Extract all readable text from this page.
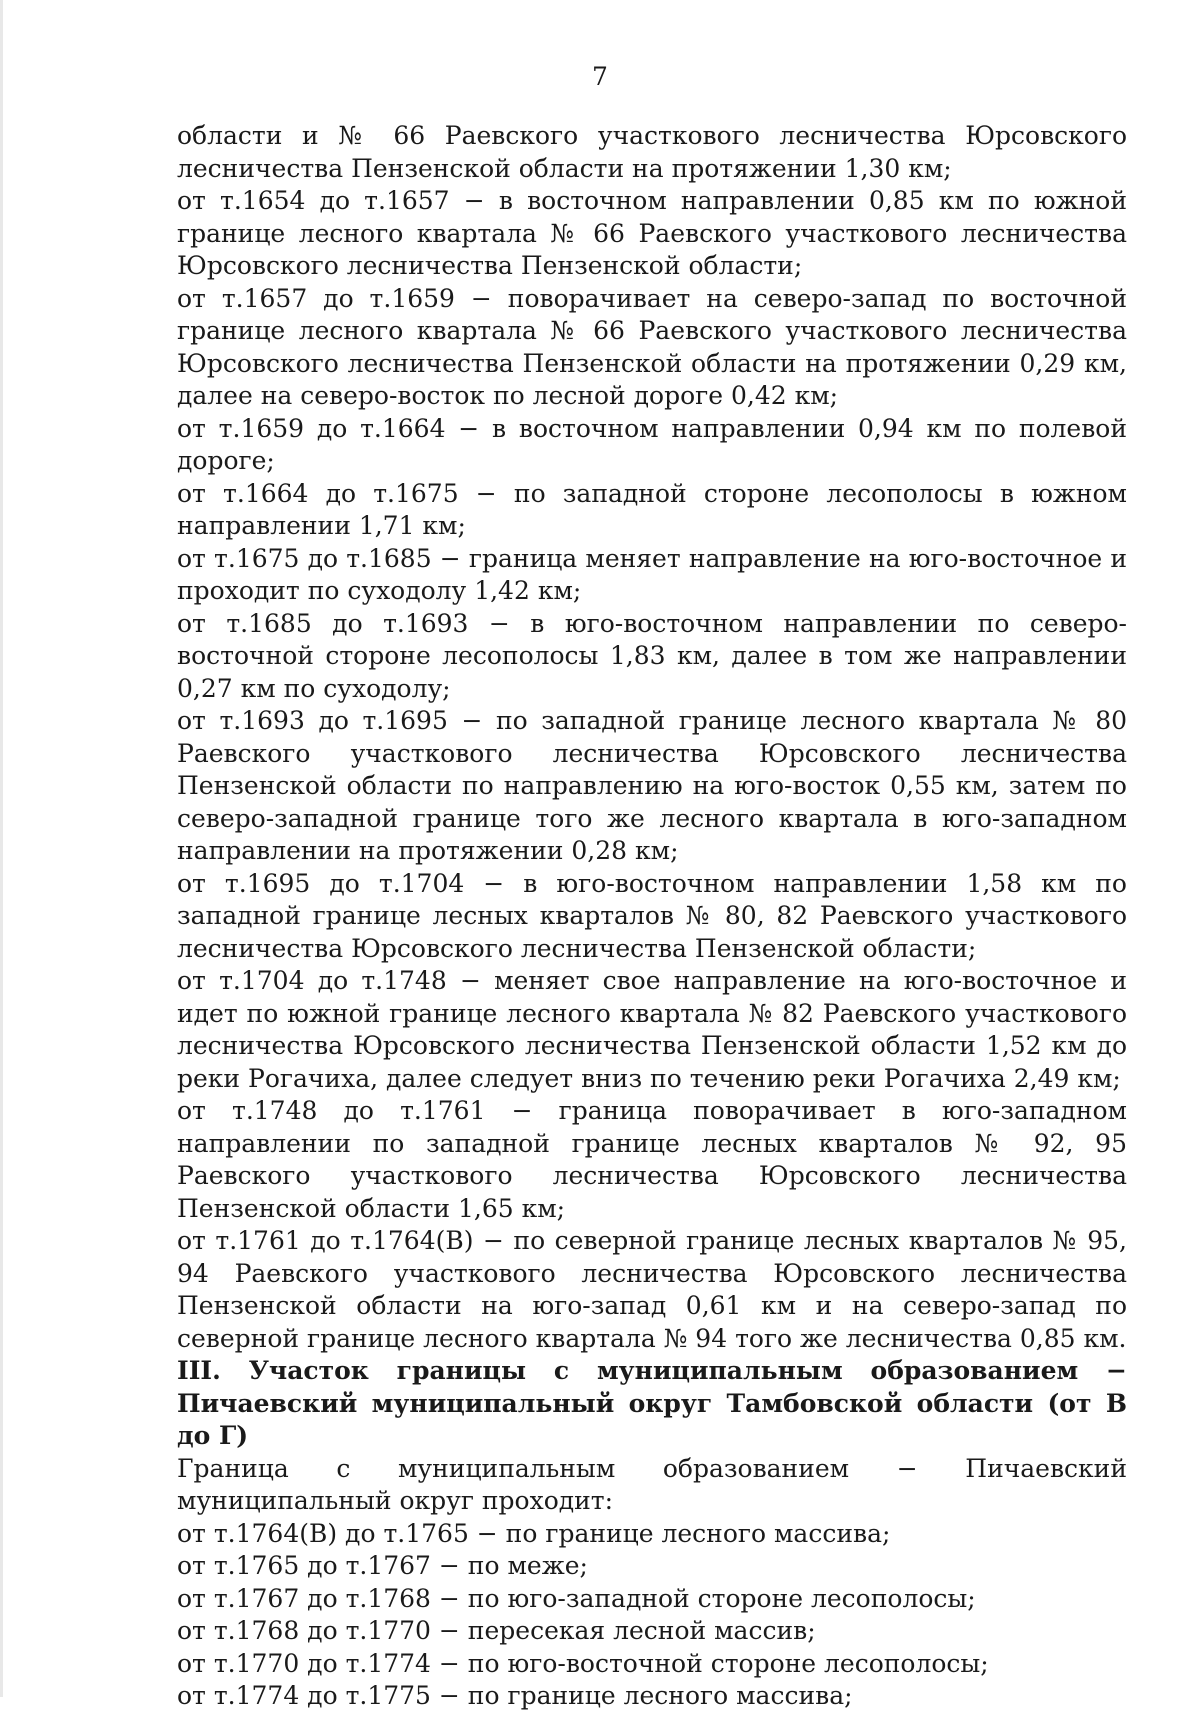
7

области и № 66 Раевского участкового лесничества Юрсовского лесничества Пензенской области на протяжении 1,30 км;

от т.1654 до т.1657 − в восточном направлении 0,85 км по южной границе лесного квартала № 66 Раевского участкового лесничества Юрсовского лесничества Пензенской области;

от т.1657 до т.1659 − поворачивает на северо-запад по восточной границе лесного квартала № 66 Раевского участкового лесничества Юрсовского лесничества Пензенской области на протяжении 0,29 км, далее на северо-восток по лесной дороге 0,42 км;

от т.1659 до т.1664 − в восточном направлении 0,94 км по полевой дороге;

от т.1664 до т.1675 − по западной стороне лесополосы в южном направлении 1,71 км;

от т.1675 до т.1685 − граница меняет направление на юго-восточное и проходит по суходолу 1,42 км;

от т.1685 до т.1693 − в юго-восточном направлении по северо-восточной стороне лесополосы 1,83 км, далее в том же направлении 0,27 км по суходолу;

от т.1693 до т.1695 − по западной границе лесного квартала № 80 Раевского участкового лесничества Юрсовского лесничества Пензенской области по направлению на юго-восток 0,55 км, затем по северо-западной границе того же лесного квартала в юго-западном направлении на протяжении 0,28 км;

от т.1695 до т.1704 − в юго-восточном направлении 1,58 км по западной границе лесных кварталов № 80, 82 Раевского участкового лесничества Юрсовского лесничества Пензенской области;

от т.1704 до т.1748 − меняет свое направление на юго-восточное и идет по южной границе лесного квартала № 82 Раевского участкового лесничества Юрсовского лесничества Пензенской области 1,52 км до реки Рогачиха, далее следует вниз по течению реки Рогачиха 2,49 км;

от т.1748 до т.1761 − граница поворачивает в юго-западном направлении по западной границе лесных кварталов № 92, 95 Раевского участкового лесничества Юрсовского лесничества Пензенской области 1,65 км;

от т.1761 до т.1764(В) − по северной границе лесных кварталов № 95, 94 Раевского участкового лесничества Юрсовского лесничества Пензенской области на юго-запад 0,61 км и на северо-запад по северной границе лесного квартала № 94 того же лесничества 0,85 км.

III. Участок границы с муниципальным образованием − Пичаевский муниципальный округ Тамбовской области (от В до Г)

Граница с муниципальным образованием − Пичаевский муниципальный округ проходит:

от т.1764(В) до т.1765 − по границе лесного массива;

от т.1765 до т.1767 − по меже;

от т.1767 до т.1768 − по юго-западной стороне лесополосы;

от т.1768 до т.1770 − пересекая лесной массив;

от т.1770 до т.1774 − по юго-восточной стороне лесополосы;

от т.1774 до т.1775 − по границе лесного массива;
